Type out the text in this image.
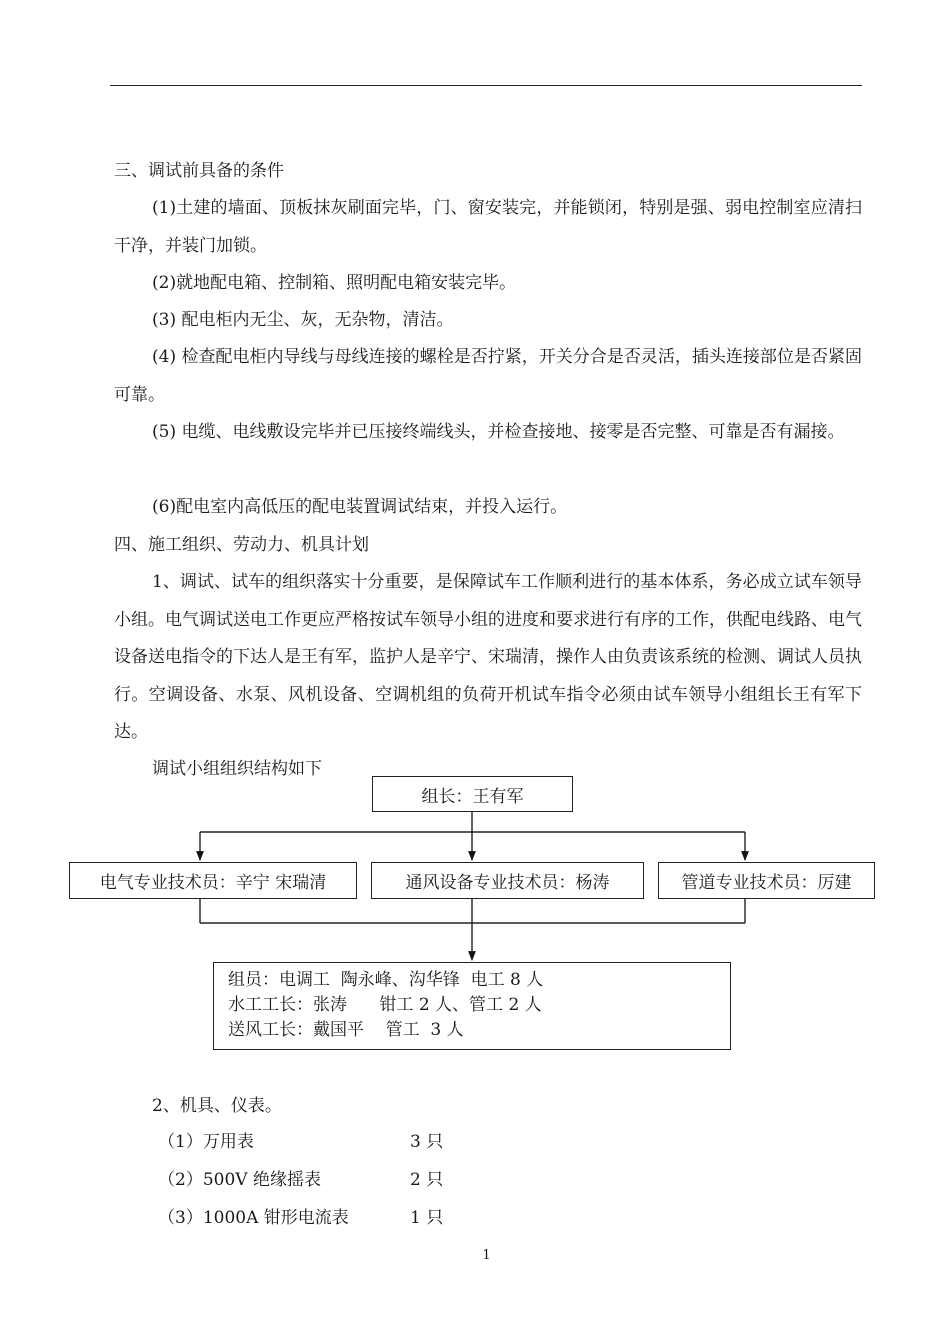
三、调试前具备的条件
(1)土建的墙面、顶板抹灰刷面完毕，门、窗安装完，并能锁闭，特别是强、弱电控制室应清扫干净，并装门加锁。
(2)就地配电箱、控制箱、照明配电箱安装完毕。
(3) 配电柜内无尘、灰，无杂物，清洁。
(4) 检查配电柜内导线与母线连接的螺栓是否拧紧，开关分合是否灵活，插头连接部位是否紧固可靠。
(5) 电缆、电线敷设完毕并已压接终端线头，并检查接地、接零是否完整、可靠是否有漏接。
(6)配电室内高低压的配电装置调试结束，并投入运行。
四、施工组织、劳动力、机具计划
1、调试、试车的组织落实十分重要，是保障试车工作顺利进行的基本体系，务必成立试车领导小组。电气调试送电工作更应严格按试车领导小组的进度和要求进行有序的工作，供配电线路、电气设备送电指令的下达人是王有军，监护人是辛宁、宋瑞清，操作人由负责该系统的检测、调试人员执行。空调设备、水泵、风机设备、空调机组的负荷开机试车指令必须由试车领导小组组长王有军下达。
调试小组组织结构如下
组长：王有军
电气专业技术员：辛宁 宋瑞清	通风设备专业技术员：杨涛	管道专业技术员：厉建
组员：电调工  陶永峰、沟华锋  电工 8 人
水工工长：张涛      钳工 2 人、管工 2 人
送风工长：戴国平    管工  3 人
2、机具、仪表。
（1）万用表	3 只
（2）500V 绝缘摇表	2 只
（3）1000A 钳形电流表	1 只
1
